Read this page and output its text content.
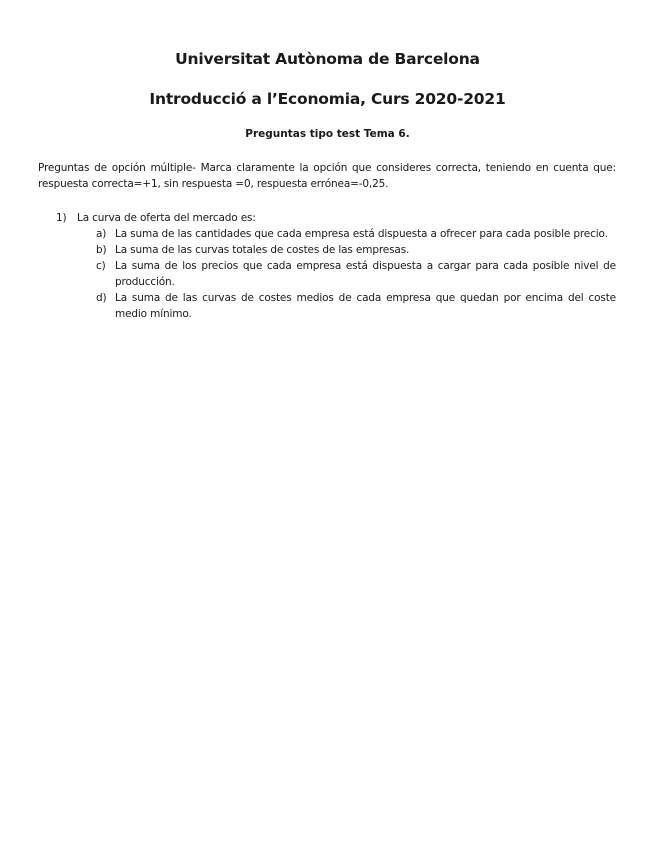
Universitat Autònoma de Barcelona
Introducció a l’Economia, Curs 2020-2021
Preguntas tipo test Tema 6.
Preguntas de opción múltiple- Marca claramente la opción que consideres correcta, teniendo en cuenta que: respuesta correcta=+1, sin respuesta =0, respuesta errónea=-0,25.
1)	La curva de oferta del mercado es:
a) La suma de las cantidades que cada empresa está dispuesta a ofrecer para cada posible precio.
b) La suma de las curvas totales de costes de las empresas.
c) La suma de los precios que cada empresa está dispuesta a cargar para cada posible nivel de producción.
d) La suma de las curvas de costes medios de cada empresa que quedan por encima del coste medio mínimo.
